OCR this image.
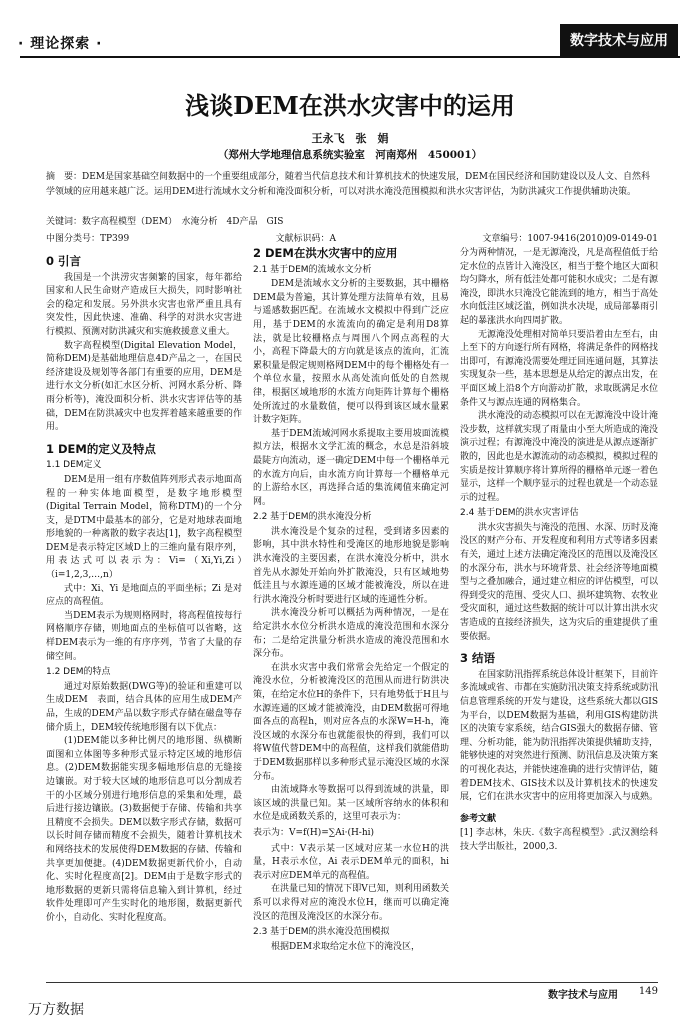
· 理论探索 ·	数字技术与应用
浅谈DEM在洪水灾害中的运用
王永飞　张　娟
（郑州大学地理信息系统实验室　河南郑州　450001）
摘　要：DEM是国家基础空间数据中的一个重要组成部分，随着当代信息技术和计算机技术的快速发展，DEM在国民经济和国防建设以及人文、自然科学领域的应用越来越广泛。运用DEM进行流域水文分析和淹没面积分析，可以对洪水淹没范围模拟和洪水灾害评估，为防洪减灾工作提供辅助决策。
关键词：数字高程模型（DEM）　水淹分析　4D产品　GIS
中图分类号：TP399	文献标识码：A	文章编号：1007-9416(2010)09-0149-01
0 引言

我国是一个洪涝灾害频繁的国家，每年都给国家和人民生命财产造成巨大损失，同时影响社会的稳定和发展。另外洪水灾害也常严重且具有突发性，因此快速、准确、科学的对洪水灾害进行模拟、预测对防洪减灾和实施救援意义重大。

数字高程模型(Digital Elevation Model，简称DEM)是基础地理信息4D产品之一，在国民经济建设及规划等各部门有重要的应用，DEM是进行水文分析(如汇水区分析、河网水系分析、降雨分析等)，淹没面积分析、洪水灾害评估等的基础，DEM在防洪减灾中也发挥着越来越重要的作用。

1 DEM的定义及特点
1.1 DEM定义

DEM是用一组有序数值阵列形式表示地面高程的一种实体地面模型，是数字地形模型(Digital Terrain Model，简称DTM)的一个分支，是DTM中最基本的部分，它是对地球表面地形地貌的一种离散的数字表达[1]，数字高程模型DEM是表示特定区域D上的三维向量有限序列，用表达式可以表示为：Vi=（Xi,Yi,Zi）　（i=1,2,3,…,n）

式中：Xi、Yi 是地面点的平面坐标；Zi 是对应点的高程值。

当DEM表示为规则格网时，将高程值按每行网格顺序存储，则地面点的坐标值可以省略，这样DEM表示为一维的有序序列，节省了大量的存储空间。

1.2 DEM的特点

通过对原始数据(DWG等)的验证和重建可以生成DEM　表面，结合具体的应用生成DEM产品，生成的DEM产品以数字形式存储在磁盘等存储介质上，DEM较传统地形图有以下优点：

(1)DEM能以多种比例尺的地形图、纵横断面图和立体图等多种形式显示特定区域的地形信息。(2)DEM数据能实现多幅地形信息的无缝接边镶嵌。对于较大区域的地形信息可以分割成若干的小区域分别进行地形信息的采集和处理，最后进行接边镶嵌。(3)数据便于存储、传输和共享且精度不会损失。DEM以数字形式存储，数据可以长时间存储而精度不会损失，随着计算机技术和网络技术的发展使得DEM数据的存储、传输和共享更加便捷。(4)DEM数据更新代价小，自动化、实时化程度高[2]。DEM由于是数字形式的地形数据的更新只需将信息输入到计算机，经过软件处理即可产生实时化的地形图，数据更新代价小，自动化、实时化程度高。

2 DEM在洪水灾害中的应用
2.1 基于DEM的流域水文分析

DEM是流域水文分析的主要数据，其中栅格DEM最为普遍，其计算处理方法简单有效，且易与遥感数据匹配。在流域水文模拟中得到广泛应用，基于DEM的水流流向的确定是利用D8算法，就是比较栅格点与周围八个网点高程的大小，高程下降最大的方向就是该点的流向，汇流累积量是假定规则格网DEM中的每个栅格处有一个单位水量，按照水从高处流向低处的自然规律，根据区域地形的水流方向矩阵计算每个栅格处所流过的水量数值，便可以得到该区域水量累计数字矩阵。

基于DEM流域河网水系提取主要用坡面流模拟方法，根据水文学汇流的概念，水总是沿斜坡最陡方向流动，逐一确定DEM中每一个栅格单元的水流方向后，由水流方向计算每一个栅格单元的上游给水区，再选择合适的集流阈值来确定河网。

2.2 基于DEM的洪水淹没分析

洪水淹没是个复杂的过程，受到诸多因素的影响，其中洪水特性和受淹区的地形地貌是影响洪水淹没的主要因素，在洪水淹没分析中，洪水首先从水源处开始向外扩散淹没，只有区域地势低洼且与水源连通的区域才能被淹没，所以在进行洪水淹没分析时要进行区域的连通性分析。

洪水淹没分析可以概括为两种情况，一是在给定洪水水位分析洪水造成的淹没范围和水深分布；二是给定洪量分析洪水造成的淹没范围和水深分布。

在洪水灾害中我们常常会先给定一个假定的淹没水位，分析被淹没区的范围从而进行防洪决策，在给定水位H的条件下，只有地势低于H且与水源连通的区域才能被淹没，由DEM数据可得地面各点的高程h，则对应各点的水深W=H-h，淹没区域的水深分布也就能很快的得到，我们可以将W值代替DEM中的高程值，这样我们就能借助于DEM数据那样以多种形式显示淹没区域的水深分布。

由流域降水等数据可以得到流域的洪量，即该区域的洪量已知。某一区域所容纳水的体积和水位是成函数关系的，这里可表示为：

表示为：V=f(H)=∑Ai·(H-hi)

式中：V表示某一区域对应某一水位H的洪量，H表示水位，Ai 表示DEM单元的面积，hi 表示对应DEM单元的高程值。

在洪量已知的情况下即V已知，则利用函数关系可以求得对应的淹没水位H，继而可以确定淹没区的范围及淹没区的水深分布。

2.3 基于DEM的洪水淹没范围模拟

根据DEM求取给定水位下的淹没区，

分为两种情况，一是无源淹没，凡是高程值低于给定水位的点皆计入淹没区，相当于整个地区大面积均匀降水，所有低洼处都可能积水成灾；二是有源淹没，即洪水只淹没它能流到的地方，相当于高处水向低洼区域泛滥，例如洪水决堤，成局部暴雨引起的暴涨洪水向四周扩散。

无源淹没处理相对简单只要沿着由左至右，由上至下的方向逐行所有网格，将满足条件的网格找出即可，有源淹没需要处理迂回连通问题，其算法实现复杂一些，基本思想是从给定的源点出发，在平面区域上沿8个方向游动扩散，求取既满足水位条件又与源点连通的网格集合。

洪水淹没的动态模拟可以在无源淹没中设计淹没步数，这样就实现了雨量由小至大所造成的淹没演示过程；有源淹没中淹没的演进是从源点逐渐扩散的，因此也是水源流动的动态模拟，模拟过程的实质是按计算顺序将计算所得的栅格单元逐一着色显示，这样一个顺序显示的过程也就是一个动态显示的过程。

2.4 基于DEM的洪水灾害评估

洪水灾害损失与淹没的范围、水深、历时及淹没区的财产分布、开发程度和利用方式等诸多因素有关，通过上述方法确定淹没区的范围以及淹没区的水深分布，洪水与环境背景、社会经济等地面模型与之叠加融合，通过建立相应的评估模型，可以得到受灾的范围、受灾人口、损坏建筑物、农牧业受灾面积，通过这些数据的统计可以计算出洪水灾害造成的直接经济损失，这为灾后的重建提供了重要依据。

3 结语

在国家防汛指挥系统总体设计框架下，目前许多流域或省、市都在实施防汛决策支持系统或防汛信息管理系统的开发与建设，这些系统大都以GIS为平台，以DEM数据为基础，利用GIS构建防洪区的决策专家系统，结合GIS强大的数据存储、管理、分析功能，能为防汛指挥决策提供辅助支持，能够快速的对突然进行预测、防汛信息及决策方案的可视化表达，并能快速准确的进行灾情评估，随着DEM技术、GIS技术以及计算机技术的快速发展，它们在洪水灾害中的应用将更加深入与成熟。

参考文献

[1] 李志林，朱庆.《数字高程模型》.武汉测绘科技大学出版社，2000,3.

数字技术与应用 149
万方数据
